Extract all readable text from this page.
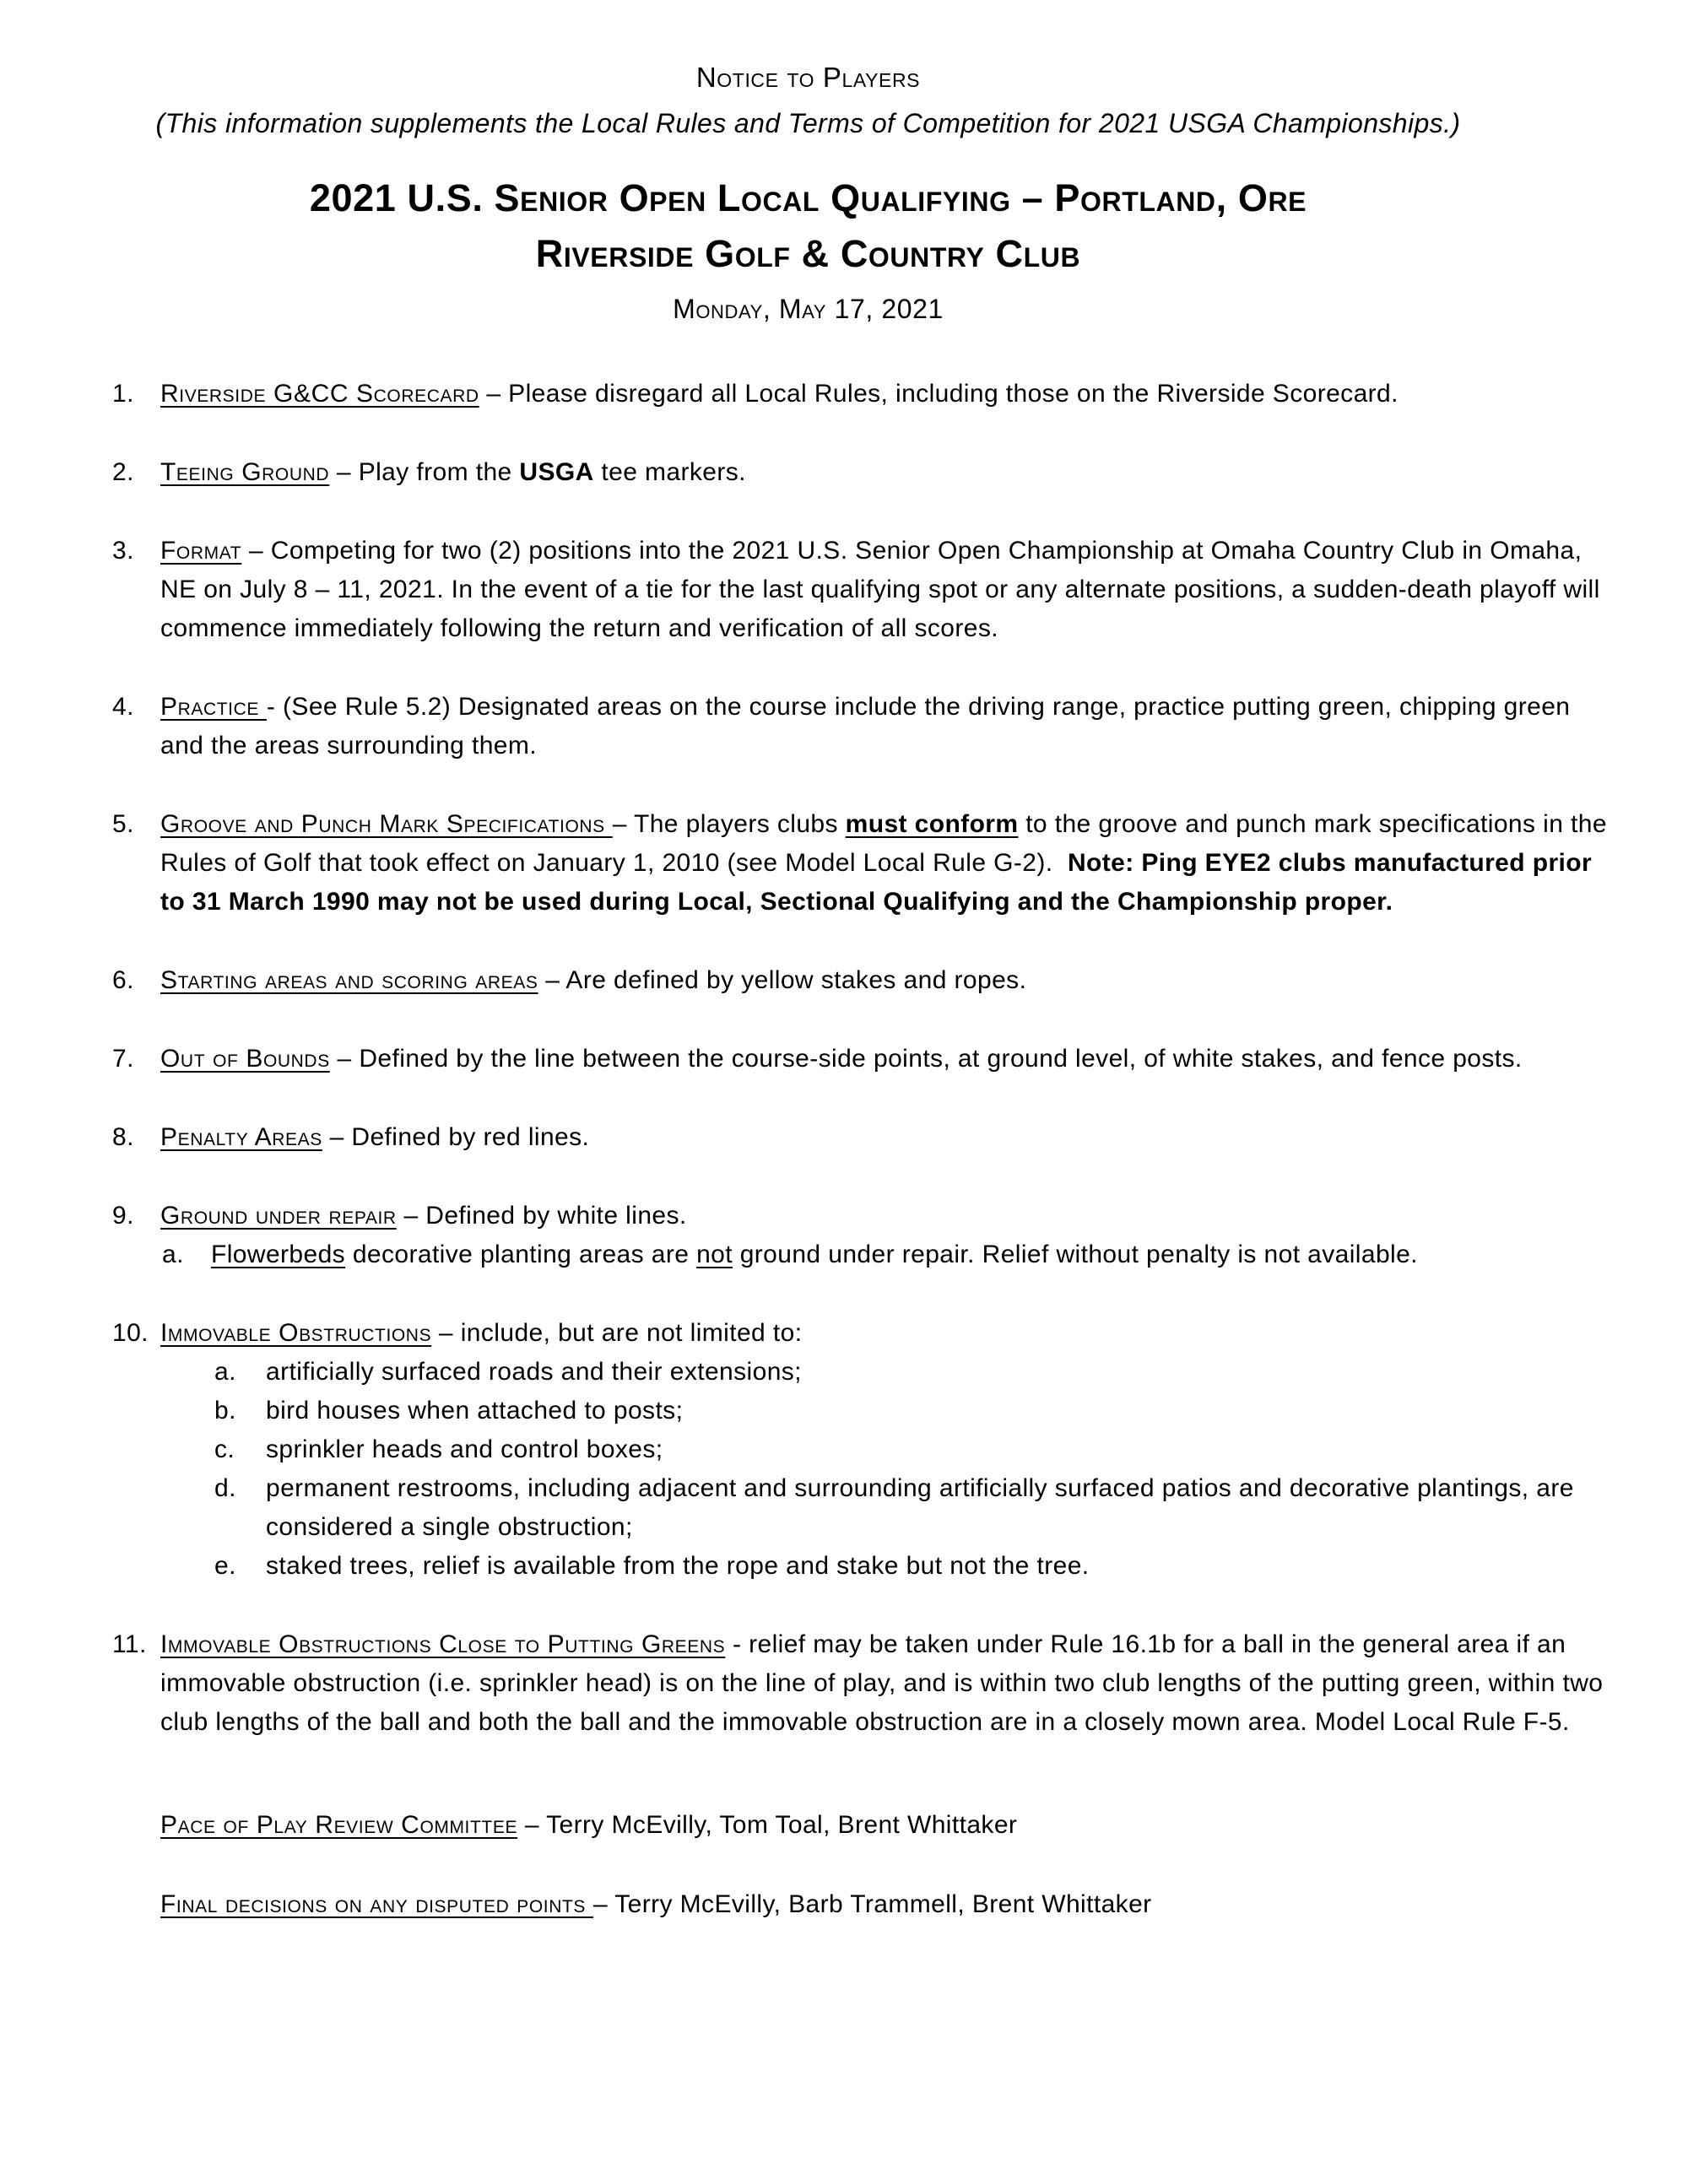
Notice to Players
(This information supplements the Local Rules and Terms of Competition for 2021 USGA Championships.)
2021 U.S. Senior Open Local Qualifying – Portland, Ore
Riverside Golf & Country Club
Monday, May 17, 2021
1. Riverside G&CC Scorecard – Please disregard all Local Rules, including those on the Riverside Scorecard.
2. Teeing Ground – Play from the USGA tee markers.
3. Format – Competing for two (2) positions into the 2021 U.S. Senior Open Championship at Omaha Country Club in Omaha, NE on July 8 – 11, 2021. In the event of a tie for the last qualifying spot or any alternate positions, a sudden-death playoff will commence immediately following the return and verification of all scores.
4. Practice - (See Rule 5.2) Designated areas on the course include the driving range, practice putting green, chipping green and the areas surrounding them.
5. Groove and Punch Mark Specifications – The players clubs must conform to the groove and punch mark specifications in the Rules of Golf that took effect on January 1, 2010 (see Model Local Rule G-2).  Note: Ping EYE2 clubs manufactured prior to 31 March 1990 may not be used during Local, Sectional Qualifying and the Championship proper.
6. Starting areas and scoring areas – Are defined by yellow stakes and ropes.
7. Out of Bounds – Defined by the line between the course-side points, at ground level, of white stakes, and fence posts.
8. Penalty Areas – Defined by red lines.
9. Ground under repair – Defined by white lines.
a. Flowerbeds decorative planting areas are not ground under repair. Relief without penalty is not available.
10. Immovable Obstructions – include, but are not limited to:
a. artificially surfaced roads and their extensions;
b. bird houses when attached to posts;
c. sprinkler heads and control boxes;
d. permanent restrooms, including adjacent and surrounding artificially surfaced patios and decorative plantings, are considered a single obstruction;
e. staked trees, relief is available from the rope and stake but not the tree.
11. Immovable Obstructions Close to Putting Greens - relief may be taken under Rule 16.1b for a ball in the general area if an immovable obstruction (i.e. sprinkler head) is on the line of play, and is within two club lengths of the putting green, within two club lengths of the ball and both the ball and the immovable obstruction are in a closely mown area. Model Local Rule F-5.

Pace of Play Review Committee – Terry McEvilly, Tom Toal, Brent Whittaker

Final decisions on any disputed points – Terry McEvilly, Barb Trammell, Brent Whittaker
